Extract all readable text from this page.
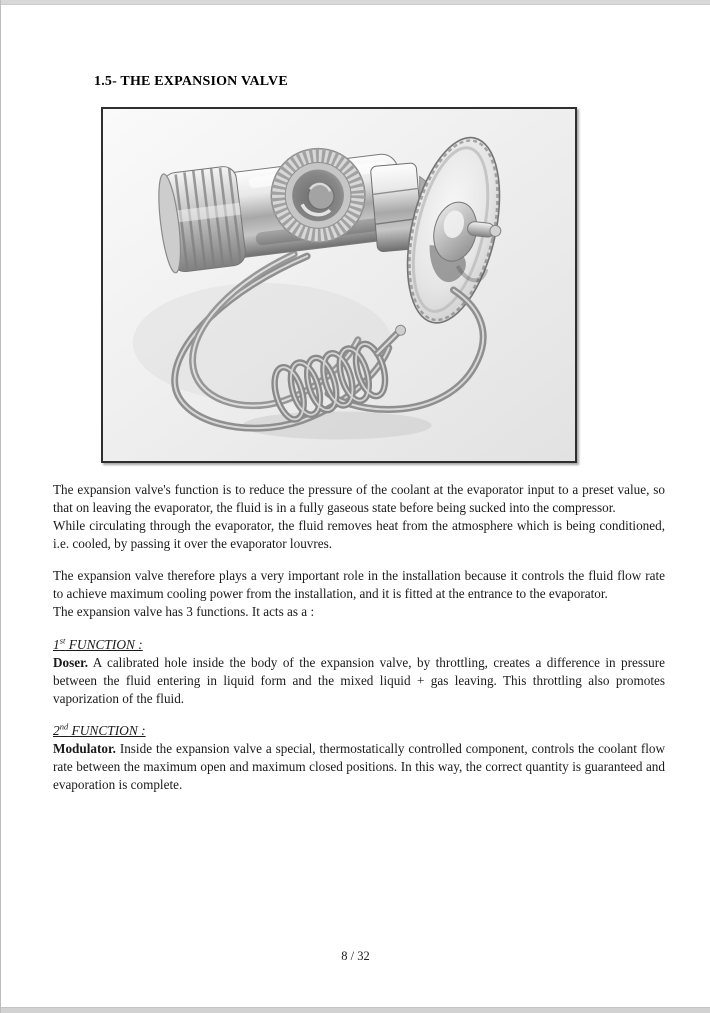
1.5- THE EXPANSION VALVE
The expansion valve's function is to reduce the pressure of the coolant at the evaporator input to a preset value, so that on leaving the evaporator, the fluid is in a fully gaseous state before being sucked into the compressor.
While circulating through the evaporator, the fluid removes heat from the atmosphere which is being conditioned, i.e. cooled, by passing it over the evaporator louvres.
The expansion valve therefore plays a very important role in the installation because it controls the fluid flow rate to achieve maximum cooling power from the installation, and it is fitted at the entrance to the evaporator.
The expansion valve has 3 functions. It acts as a :
1st FUNCTION :
Doser. A calibrated hole inside the body of the expansion valve, by throttling, creates a difference in pressure between the fluid entering in liquid form and the mixed liquid + gas leaving. This throttling also promotes vaporization of the fluid.
2nd FUNCTION :
Modulator. Inside the expansion valve a special, thermostatically controlled component, controls the coolant flow rate between the maximum open and maximum closed positions. In this way, the correct quantity is guaranteed and evaporation is complete.
8 / 32
